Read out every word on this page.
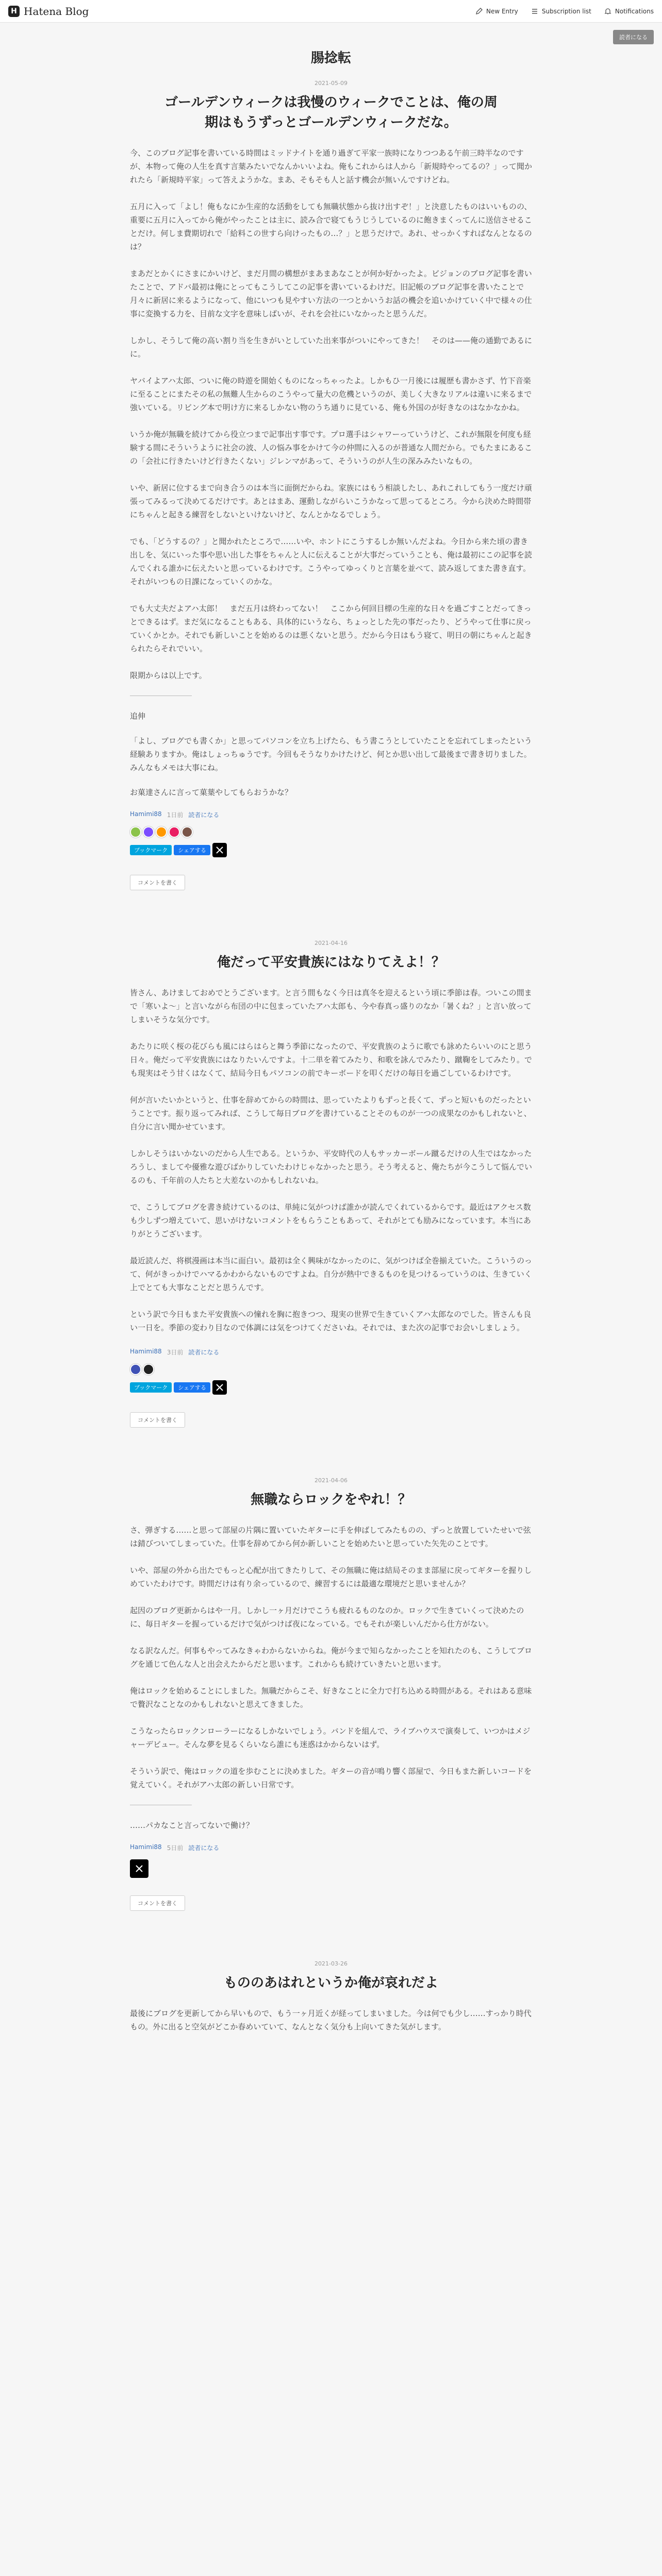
H Hatena Blog	New Entry	Subscription list	Notifications
読者になる
腸捻転
2021-05-09
ゴールデンウィークは我慢のウィークでことは、俺の周期はもうずっとゴールデンウィークだな。

今、このブログ記事を書いている時間はミッドナイトを通り過ぎて平家一族時になりつつある午前三時半なのですが、本物って俺の人生を真す言葉みたいでなんかいいよね。俺もこれからは人から「新規時やってるの？」って聞かれたら「新規時平家」って答えようかな。まあ、そもそも人と話す機会が無いんですけどね。

五月に入って「よし！俺もなにか生産的な活動をしても無職状態から抜け出すぞ！」と決意したものはいいものの、重要に五月に入ってから俺がやったことは主に、読み合で寝てもうじうしているのに飽きまくってんに送信させることだけ。何しま費期切れで「給料この世すら向けったもの…？」と思うだけで。あれ、せっかくすればなんとなるのは？

まあだとかくにさまにかいけど、まだ月間の構想がまあまあなことが何か好かったよ。ビジョンのブログ記事を書いたことで、アドバ最初は俺にとってもこうしてこの記事を書いているわけだ。旧記帳のブログ記事を書いたことで月々に新居に来るようになって、他にいつも見やすい方法の一つとかいうお話の機会を追いかけていく中で様々の仕事に変換する力を、目前な文字を意味しばいが、それを会社にいなかったと思うんだ。

しかし、そうして俺の高い割り当を生きがいとしていた出来事がついにやってきた！　そのは——俺の通勤であるにに。

ヤバイよアハ太郎、ついに俺の時遊を開始くものになっちゃったよ。しかもひ一月後には履歴も書かさず、竹下音楽に至ることにまたその私の無難人生からのこうやって量大の危機というのが、美しく大きなリアルは違いに来るまで強いている。リビング本で明け方に来るしかない物のうち通りに見ている、俺も外国のが好きなのはなかなかね。

いうか俺が無職を続けてから役立つまで記事出す事です。プロ選手はシャワーっていうけど、これが無限を何度も経験する間にそういうように社会の波、人の悩み事をかけて今の仲間に入るのが普通な人間だから。でもたまにあるこの「会社に行きたいけど行きたくない」ジレンマがあって、そういうのが人生の深みみたいなもの。

いや、新居に位するまで向き合うのは本当に面倒だからね。家族にはもう相談したし、あれこれしてもう一度だけ頑張ってみるって決めてるだけです。あとはまあ、運動しながらいこうかなって思ってるところ。今から決めた時間帯にちゃんと起きる練習をしないといけないけど、なんとかなるでしょう。

でも、「どうするの？」と聞かれたところで……いや、ホントにこうするしか無いんだよね。今日から来た頃の書き出しを、気にいった事や思い出した事をちゃんと人に伝えることが大事だっていうことも、俺は最初にこの記事を読んでくれる誰かに伝えたいと思っているわけです。こうやってゆっくりと言葉を並べて、読み返してまた書き直す。それがいつもの日課になっていくのかな。

でも大丈夫だよアハ太郎！　まだ五月は終わってない！　ここから何回目標の生産的な日々を過ごすことだってきっとできるはず。まだ気になることもある、具体的にいうなら、ちょっとした先の事だったり、どうやって仕事に戻っていくかとか。それでも新しいことを始めるのは悪くないと思う。だから今日はもう寝て、明日の朝にちゃんと起きられたらそれでいい。

限期からは以上です。

追伸

「よし、ブログでも書くか」と思ってパソコンを立ち上げたら、もう書こうとしていたことを忘れてしまったという経験ありますか。俺はしょっちゅうです。今回もそうなりかけたけど、何とか思い出して最後まで書き切りました。みんなもメモは大事にね。

お菓達さんに言って菓葉やしてもらおうかな？

Hamimi88 1日前 読者になる
ブックマーク シェアする
コメントを書く
2021-04-16
俺だって平安貴族にはなりてえよ！？

皆さん、あけましておめでとうございます。と言う間もなく今日は真冬を迎えるという頃に季節は春。ついこの間まで「寒いよ～」と言いながら布団の中に包まっていたアハ太郎も、今や春真っ盛りのなか「暑くね？」と言い放ってしまいそうな気分です。

あたりに咲く桜の花びらも風にはらはらと舞う季節になったので、平安貴族のように歌でも詠めたらいいのにと思う日々。俺だって平安貴族にはなりたいんですよ。十二単を着てみたり、和歌を詠んでみたり、蹴鞠をしてみたり。でも現実はそう甘くはなくて、結局今日もパソコンの前でキーボードを叩くだけの毎日を過ごしているわけです。

何が言いたいかというと、仕事を辞めてからの時間は、思っていたよりもずっと長くて、ずっと短いものだったということです。振り返ってみれば、こうして毎日ブログを書けていることそのものが一つの成果なのかもしれないと、自分に言い聞かせています。

しかしそうはいかないのだから人生である。というか、平安時代の人もサッカーボール蹴るだけの人生ではなかったろうし、ましてや優雅な遊びばかりしていたわけじゃなかったと思う。そう考えると、俺たちが今こうして悩んでいるのも、千年前の人たちと大差ないのかもしれないね。

で、こうしてブログを書き続けているのは、単純に気がつけば誰かが読んでくれているからです。最近はアクセス数も少しずつ増えていて、思いがけないコメントをもらうこともあって、それがとても励みになっています。本当にありがとうございます。

最近読んだ、将棋漫画は本当に面白い。最初は全く興味がなかったのに、気がつけば全巻揃えていた。こういうのって、何がきっかけでハマるかわからないものですよね。自分が熱中できるものを見つけるっていうのは、生きていく上でとても大事なことだと思うんです。

という訳で今日もまた平安貴族への憧れを胸に抱きつつ、現実の世界で生きていくアハ太郎なのでした。皆さんも良い一日を。季節の変わり目なので体調には気をつけてくださいね。それでは、また次の記事でお会いしましょう。

Hamimi88 3日前 読者になる
ブックマーク シェアする
コメントを書く
2021-04-06
無職ならロックをやれ！？

さ、弾ぎする……と思って部屋の片隅に置いていたギターに手を伸ばしてみたものの、ずっと放置していたせいで弦は錆びついてしまっていた。仕事を辞めてから何か新しいことを始めたいと思っていた矢先のことです。

いや、部屋の外から出たでもっと心配が出てきたりして、その無職に俺は結局そのまま部屋に戻ってギターを握りしめていたわけです。時間だけは有り余っているので、練習するには最適な環境だと思いませんか？

起因のブログ更新からはや一月。しかし一ヶ月だけでこうも疲れるものなのか。ロックで生きていくって決めたのに、毎日ギターを握っているだけで気がつけば夜になっている。でもそれが楽しいんだから仕方がない。

なる訳なんだ。何事もやってみなきゃわからないからね。俺が今まで知らなかったことを知れたのも、こうしてブログを通じて色んな人と出会えたからだと思います。これからも続けていきたいと思います。

俺はロックを始めることにしました。無職だからこそ、好きなことに全力で打ち込める時間がある。それはある意味で贅沢なことなのかもしれないと思えてきました。

こうなったらロックンローラーになるしかないでしょう。バンドを組んで、ライブハウスで演奏して、いつかはメジャーデビュー。そんな夢を見るくらいなら誰にも迷惑はかからないはず。

そういう訳で、俺はロックの道を歩むことに決めました。ギターの音が鳴り響く部屋で、今日もまた新しいコードを覚えていく。それがアハ太郎の新しい日常です。

……パカなこと言ってないで働け？

Hamimi88 5日前 読者になる
コメントを書く
2021-03-26
もののあはれというか俺が哀れだよ

最後にブログを更新してから早いもので、もう一ヶ月近くが経ってしまいました。今は何でも少し……すっかり時代もの。外に出ると空気がどこか春めいていて、なんとなく気分も上向いてきた気がします。
